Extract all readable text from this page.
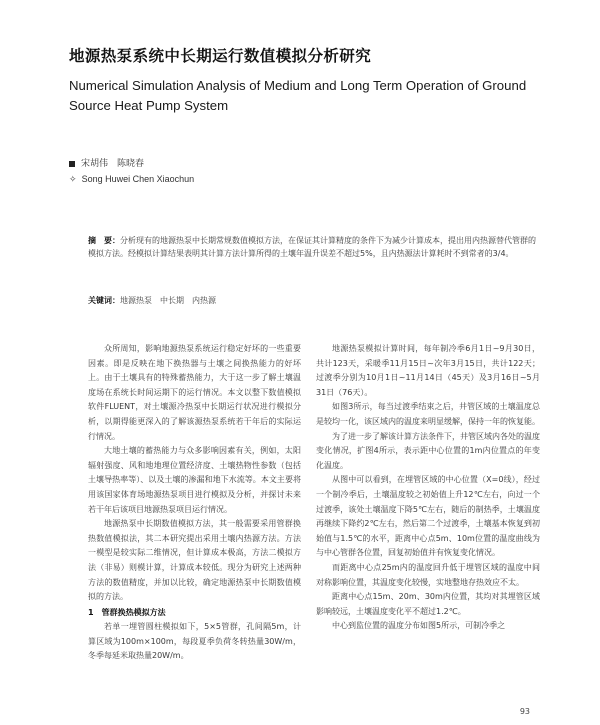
地源热泵系统中长期运行数值模拟分析研究
Numerical Simulation Analysis of Medium and Long Term Operation of Ground Source Heat Pump System
宋胡伟　陈晓春
✧ Song Huwei Chen Xiaochun
摘　要：分析现有的地源热泵中长期常规数值模拟方法，在保证其计算精度的条件下为减少计算成本，提出用内热源替代管群的模拟方法。经模拟计算结果表明其计算方法计算所得的土壤年温升误差不超过5%，且内热源法计算耗时不到常者的3/4。
关键词：地源热泵　中长期　内热源

众所周知，影响地源热泵系统运行稳定好坏的一些重要因素。即是反映在地下换热器与土壤之间换热能力的好坏上。由于土壤具有的特殊蓄热能力，大于这一步了解土壤温度场在系统长时间运期下的运行情况。本文以整下数值模拟软件FLUENT，对土壤源冷热泵中长期运行状况进行模拟分析，以期得能更深入的了解该源热泵系统若干年后的实际运行情况。

大地土壤的蓄热能力与众多影响因素有关，例如，太阳辐射强度、风和地地理位置经济度、土壤热物性参数（包括土壤导热率等）、以及土壤的渗漏和地下水流等。本文主要将用该国家体育场地源热泵项目进行模拟及分析，并探讨未来若干年后该项目地源热泵项目运行情况。

地源热泵中长期数值模拟方法，其一般需要采用管群换热数值模拟法，其二本研究提出采用土壤内热源方法。方法一模型是较实际二维情况，但计算成本极高，方法二模拟方法（非易）则模计算，计算成本较低。现分为研究上述两种方法的数值精度，并加以比较，确定地源热泵中长期数值模拟的方法。

1　管群换热模拟方法

若单一埋管圆柱模拟如下，5×5管群，孔间隔5m，计算区域为100m×100m，每段夏季负荷冬转热量30W/m，冬季每延米取热量20W/m。

地源热泵模拟计算时间，每年制冷季6月1日~9月30日，共计123天，采暖季11月15日~次年3月15日，共计122天；过渡季分别为10月1日~11月14日（45天）及3月16日~5月31日（76天）。

如图3所示，每当过渡季结束之后，井管区域的土壤温度总是较均一化，该区域内的温度来明显缓解，保持一年的恢复能。

为了进一步了解该计算方法条件下，井管区域内各处的温度变化情况，扩图4所示，表示距中心位置的1m内位置点的年变化温度。

从图中可以看到，在埋管区域的中心位置（X=0线），经过一个制冷季后，土壤温度较之初始值上升12℃左右，向过一个过渡季，该处土壤温度下降5℃左右，随后的制热季，土壤温度再继续下降约2℃左右，然后第二个过渡季，土壤基本恢复到初始值与1.5℃的水平，距离中心点5m、10m位置的温度曲线为与中心管群各位置，回复初始值并有恢复变化情况。

而距离中心点25m内的温度回升低于埋管区域的温度中间对称影响位置，其温度变化较慢，实地整地存热效应不太。

距离中心点15m、20m、30m内位置，其均对其埋管区域影响较远，土壤温度变化平不超过1.2℃。

中心到监位置的温度分布如图5所示，可制冷季之

93
